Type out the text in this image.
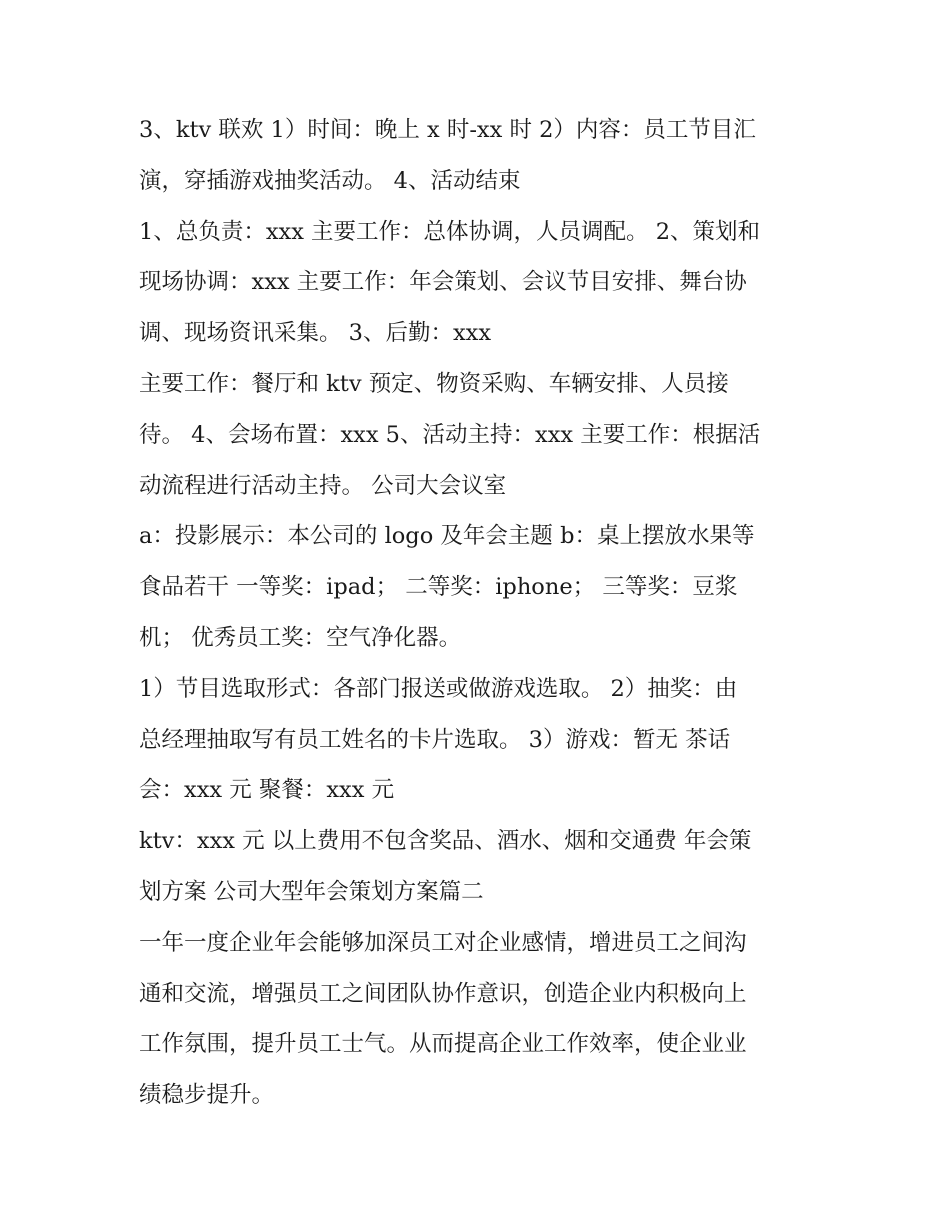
3、ktv 联欢 1）时间：晚上 x 时-xx 时 2）内容：员工节目汇
演，穿插游戏抽奖活动。 4、活动结束
1、总负责：xxx 主要工作：总体协调，人员调配。 2、策划和
现场协调：xxx 主要工作：年会策划、会议节目安排、舞台协
调、现场资讯采集。 3、后勤：xxx
主要工作：餐厅和 ktv 预定、物资采购、车辆安排、人员接
待。 4、会场布置：xxx 5、活动主持：xxx 主要工作：根据活
动流程进行活动主持。 公司大会议室
a：投影展示：本公司的 logo 及年会主题 b：桌上摆放水果等
食品若干 一等奖：ipad； 二等奖：iphone； 三等奖：豆浆
机； 优秀员工奖：空气净化器。
1）节目选取形式：各部门报送或做游戏选取。 2）抽奖：由
总经理抽取写有员工姓名的卡片选取。 3）游戏：暂无 茶话
会：xxx 元 聚餐：xxx 元
ktv：xxx 元 以上费用不包含奖品、酒水、烟和交通费 年会策
划方案 公司大型年会策划方案篇二
一年一度企业年会能够加深员工对企业感情，增进员工之间沟
通和交流，增强员工之间团队协作意识，创造企业内积极向上
工作氛围，提升员工士气。从而提高企业工作效率，使企业业
绩稳步提升。
